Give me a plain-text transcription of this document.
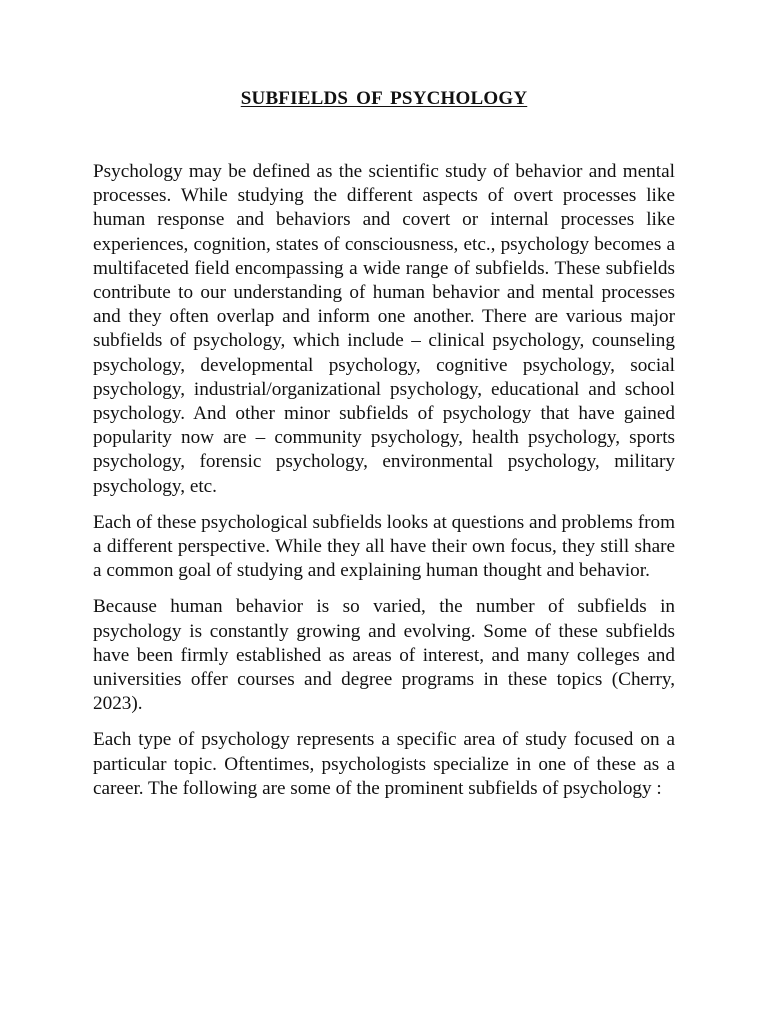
SUBFIELDS OF PSYCHOLOGY

Psychology may be defined as the scientific study of behavior and mental processes. While studying the different aspects of overt processes like human response and behaviors and covert or internal processes like experiences, cognition, states of consciousness, etc., psychology becomes a multifaceted field encompassing a wide range of subfields. These subfields contribute to our understanding of human behavior and mental processes and they often overlap and inform one another. There are various major subfields of psychology, which include – clinical psychology, counseling psychology, developmental psychology, cognitive psychology, social psychology, industrial/organizational psychology, educational and school psychology. And other minor subfields of psychology that have gained popularity now are – community psychology, health psychology, sports psychology, forensic psychology, environmental psychology, military psychology, etc.

Each of these psychological subfields looks at questions and problems from a different perspective. While they all have their own focus, they still share a common goal of studying and explaining human thought and behavior.

Because human behavior is so varied, the number of subfields in psychology is constantly growing and evolving. Some of these subfields have been firmly established as areas of interest, and many colleges and universities offer courses and degree programs in these topics (Cherry, 2023).

Each type of psychology represents a specific area of study focused on a particular topic. Oftentimes, psychologists specialize in one of these as a career. The following are some of the prominent subfields of psychology :
